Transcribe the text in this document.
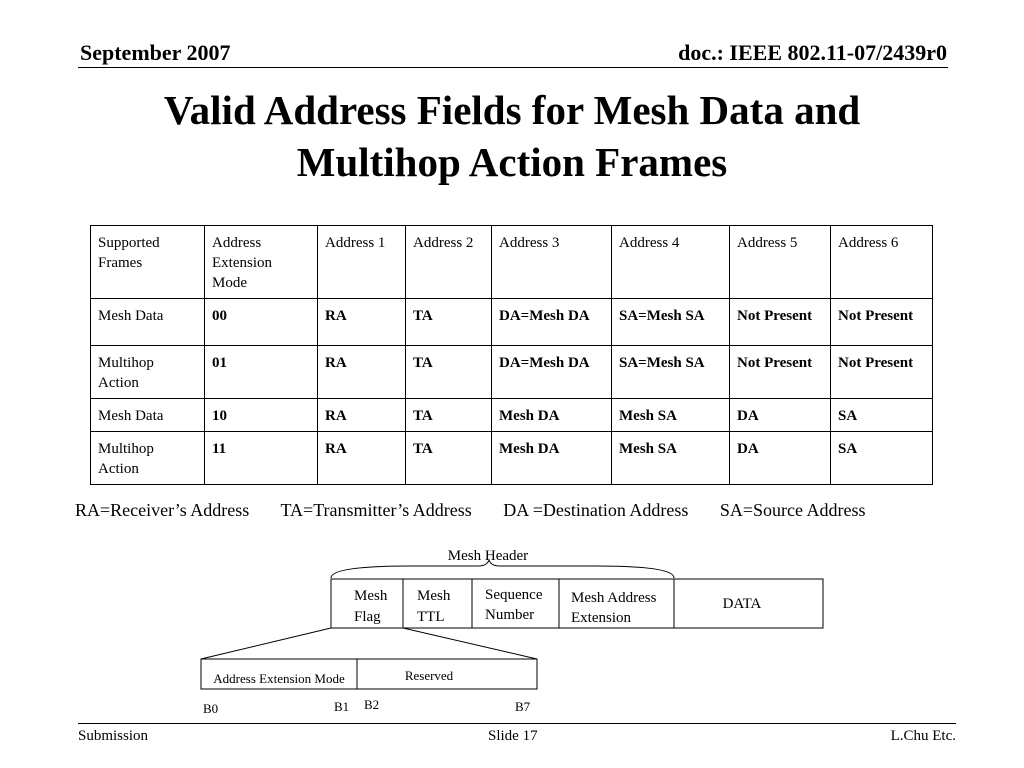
September 2007	doc.: IEEE 802.11-07/2439r0
Valid Address Fields for Mesh Data and
Multihop Action Frames
Supported
Frames	Address
Extension
Mode	Address 1	Address 2	Address 3	Address 4	Address 5	Address 6
Mesh Data	00	RA	TA	DA=Mesh DA	SA=Mesh SA	Not Present	Not Present
Multihop
Action	01	RA	TA	DA=Mesh DA	SA=Mesh SA	Not Present	Not Present
Mesh Data	10	RA	TA	Mesh DA	Mesh SA	DA	SA
Multihop
Action	11	RA	TA	Mesh DA	Mesh SA	DA	SA
RA=Receiver’s Address TA=Transmitter’s Address DA =Destination Address SA=Source Address
Mesh Header
Mesh
Flag
Mesh
TTL
Sequence
Number
Mesh Address
Extension
DATA
Address Extension Mode	Reserved
B0	B1 B2	B7
Submission	Slide 17	L.Chu Etc.
